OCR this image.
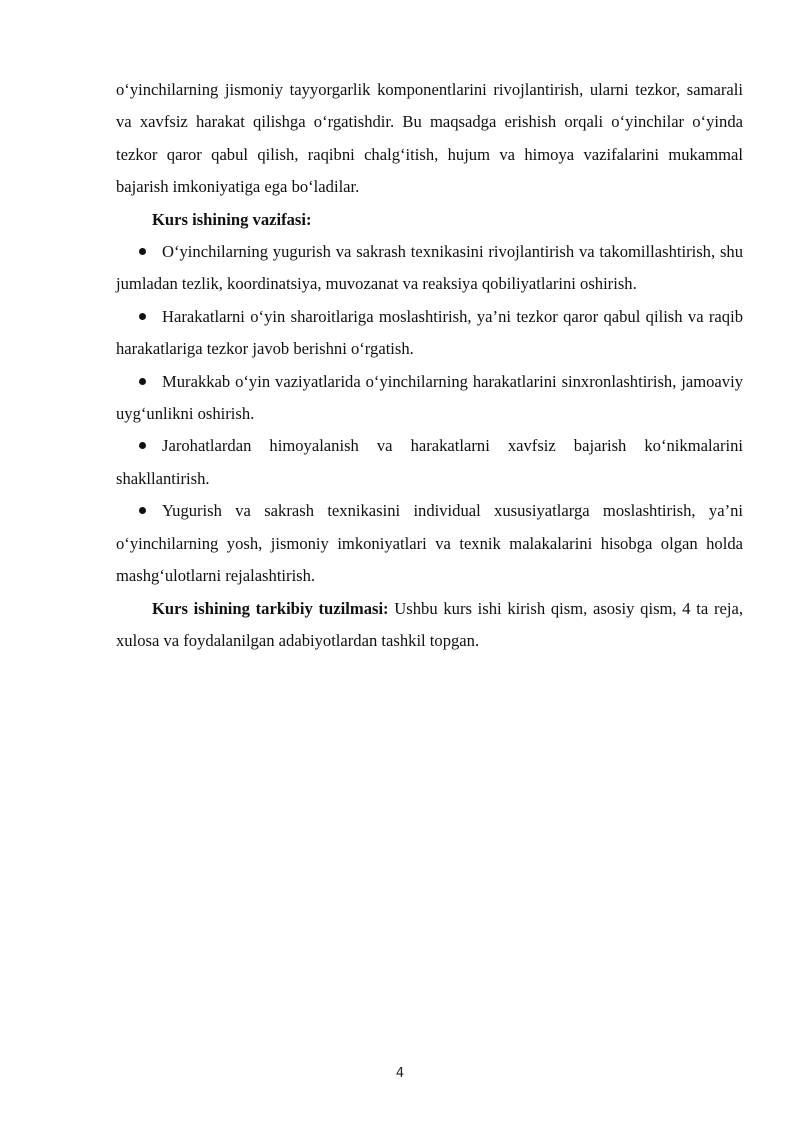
o‘yinchilarning jismoniy tayyorgarlik komponentlarini rivojlantirish, ularni tezkor, samarali va xavfsiz harakat qilishga o‘rgatishdir. Bu maqsadga erishish orqali o‘yinchilar o‘yinda tezkor qaror qabul qilish, raqibni chalg‘itish, hujum va himoya vazifalarini mukammal bajarish imkoniyatiga ega bo‘ladilar.

Kurs ishining vazifasi:

O‘yinchilarning yugurish va sakrash texnikasini rivojlantirish va takomillashtirish, shu jumladan tezlik, koordinatsiya, muvozanat va reaksiya qobiliyatlarini oshirish.
Harakatlarni o‘yin sharoitlariga moslashtirish, ya’ni tezkor qaror qabul qilish va raqib harakatlariga tezkor javob berishni o‘rgatish.
Murakkab o‘yin vaziyatlarida o‘yinchilarning harakatlarini sinxronlashtirish, jamoaviy uyg‘unlikni oshirish.
Jarohatlardan himoyalanish va harakatlarni xavfsiz bajarish ko‘nikmalarini shakllantirish.
Yugurish va sakrash texnikasini individual xususiyatlarga moslashtirish, ya’ni o‘yinchilarning yosh, jismoniy imkoniyatlari va texnik malakalarini hisobga olgan holda mashg‘ulotlarni rejalashtirish.

Kurs ishining tarkibiy tuzilmasi: Ushbu kurs ishi kirish qism, asosiy qism, 4 ta reja, xulosa va foydalanilgan adabiyotlardan tashkil topgan.

4
